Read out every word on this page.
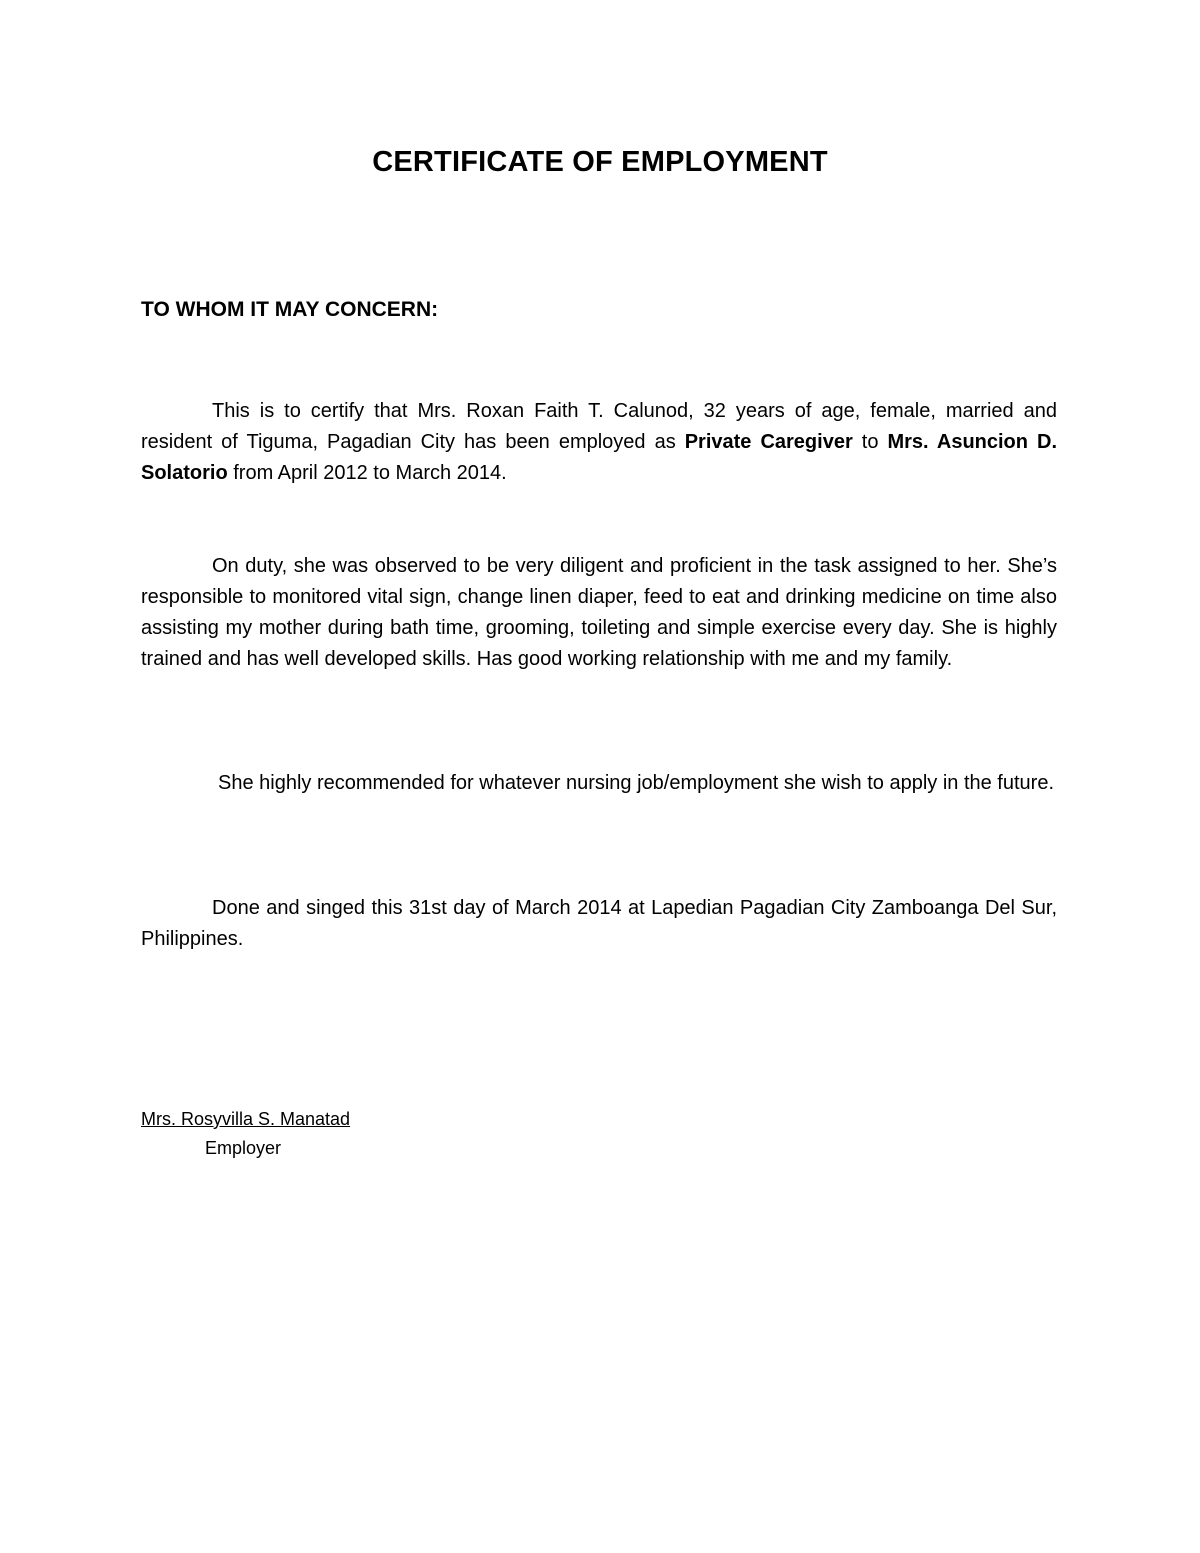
CERTIFICATE OF EMPLOYMENT

TO WHOM IT MAY CONCERN:

This is to certify that Mrs. Roxan Faith T. Calunod, 32 years of age, female, married and resident of Tiguma, Pagadian City has been employed as Private Caregiver to Mrs. Asuncion D. Solatorio from April 2012 to March 2014.

On duty, she was observed to be very diligent and proficient in the task assigned to her. She’s responsible to monitored vital sign, change linen diaper, feed to eat and drinking medicine on time also assisting my mother during bath time, grooming, toileting and simple exercise every day. She is highly trained and has well developed skills. Has good working relationship with me and my family.

She highly recommended for whatever nursing job/employment she wish to apply in the future.

Done and singed this 31st day of March 2014 at Lapedian Pagadian City Zamboanga Del Sur, Philippines.

Mrs. Rosyvilla S. Manatad

Employer
